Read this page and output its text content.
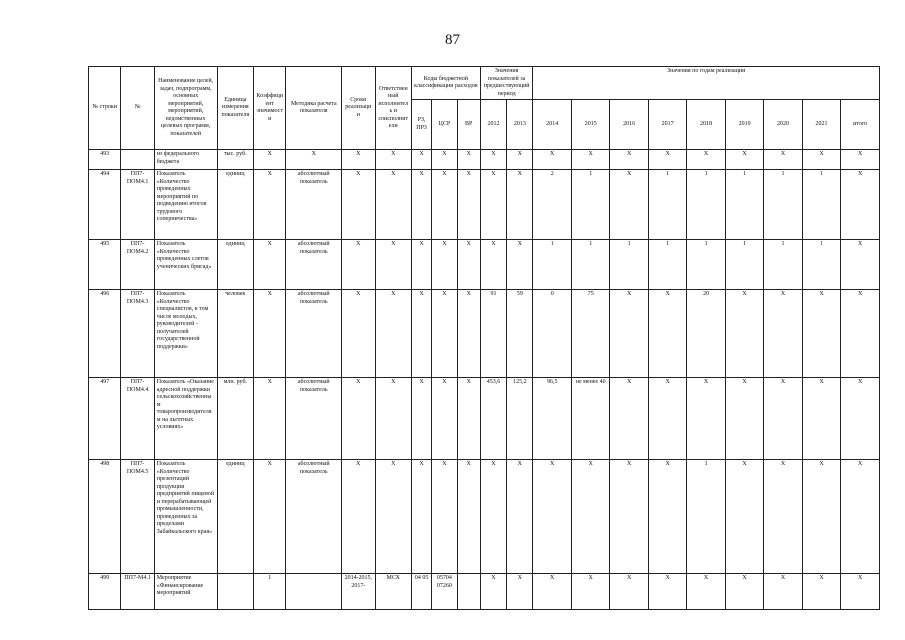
87
№ строки	№	Наименование целей, задач, подпрограмм, основных мероприятий, мероприятий, ведомственных целевых программ, показателей	Единица измерения показателя	Коэффициент значимости	Методика расчета показателя	Сроки реализации	Ответственный исполнитель и соисполнители	Коды бюджетной классификации расходов			Значения показателей за предшествующий период		Значения по годам реализации								
								РЗ, ПР3	ЦСР	ВР	2012	2013	2014	2015	2016	2017	2018	2019	2020	2021	итого
493		из федерального бюджета	тыс. руб.	X	X	X	X	X	X	X	X	X	X	X	X	X	X	X	X	X	X
494	ПП7-ПОМ4.1	Показатель «Количество проведенных мероприятий по подведению итогов трудового соперничества»	единиц	X	абсолютный показатель	X	X	X	X	X	X	X	2	1	X	1	1	1	1	1	X
495	ПП7-ПОМ4.2	Показатель «Количество проведенных слетов ученических бригад»	единиц	X	абсолютный показатель	X	X	X	X	X	X	X	1	1	1	1	1	1	1	1	X
496	ПП7-ПОМ4.3	Показатель «Количество специалистов, в том числе молодых, руководителей - получателей государственной поддержки»	человек	X	абсолютный показатель	X	X	X	X	X	91	59	0	75	X	X	20	X	X	X	X
497	ПП7-ПОМ4.4	Показатель «Оказание адресной поддержки сельскохозяйственным товаропроизводителям на льготных условиях»	млн. руб.	X	абсолютный показатель	X	X	X	X	X	453,6	125,2	96,5	не менее 40	X	X	X	X	X	X	X
498	ПП7-ПОМ4.5	Показатель «Количество презентаций продукции предприятий пищевой и перерабатывающей промышленности, проведенных за пределами Забайкальского края»	единиц	X	абсолютный показатель	X	X	X	X	X	X	X	X	X	X	X	1	X	X	X	X
499	ПП7-М4.1	Мероприятие «Финансирование мероприятий		1		2014-2015, 2017-	МСХ	04 05	05704 07260		X	X	X	X	X	X	X	X	X	X	X
